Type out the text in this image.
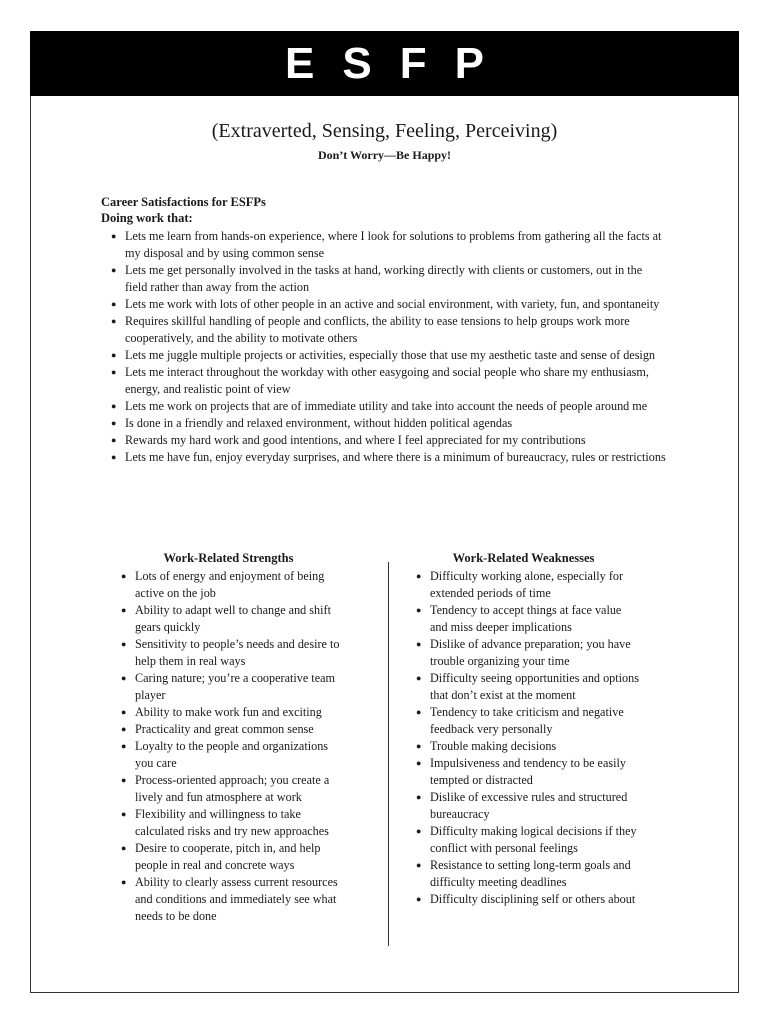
ESFP
(Extraverted, Sensing, Feeling, Perceiving)
Don’t Worry—Be Happy!
Career Satisfactions for ESFPs
Doing work that:
● Lets me learn from hands-on experience, where I look for solutions to problems from gathering all the facts at my disposal and by using common sense
● Lets me get personally involved in the tasks at hand, working directly with clients or customers, out in the field rather than away from the action
● Lets me work with lots of other people in an active and social environment, with variety, fun, and spontaneity
● Requires skillful handling of people and conflicts, the ability to ease tensions to help groups work more cooperatively, and the ability to motivate others
● Lets me juggle multiple projects or activities, especially those that use my aesthetic taste and sense of design
● Lets me interact throughout the workday with other easygoing and social people who share my enthusiasm, energy, and realistic point of view
● Lets me work on projects that are of immediate utility and take into account the needs of people around me
● Is done in a friendly and relaxed environment, without hidden political agendas
● Rewards my hard work and good intentions, and where I feel appreciated for my contributions
● Lets me have fun, enjoy everyday surprises, and where there is a minimum of bureaucracy, rules or restrictions
Work-Related Strengths
● Lots of energy and enjoyment of being active on the job
● Ability to adapt well to change and shift gears quickly
● Sensitivity to people’s needs and desire to help them in real ways
● Caring nature; you’re a cooperative team player
● Ability to make work fun and exciting
● Practicality and great common sense
● Loyalty to the people and organizations you care
● Process-oriented approach; you create a lively and fun atmosphere at work
● Flexibility and willingness to take calculated risks and try new approaches
● Desire to cooperate, pitch in, and help people in real and concrete ways
● Ability to clearly assess current resources and conditions and immediately see what needs to be done
Work-Related Weaknesses
● Difficulty working alone, especially for extended periods of time
● Tendency to accept things at face value and miss deeper implications
● Dislike of advance preparation; you have trouble organizing your time
● Difficulty seeing opportunities and options that don’t exist at the moment
● Tendency to take criticism and negative feedback very personally
● Trouble making decisions
● Impulsiveness and tendency to be easily tempted or distracted
● Dislike of excessive rules and structured bureaucracy
● Difficulty making logical decisions if they conflict with personal feelings
● Resistance to setting long-term goals and difficulty meeting deadlines
● Difficulty disciplining self or others about
